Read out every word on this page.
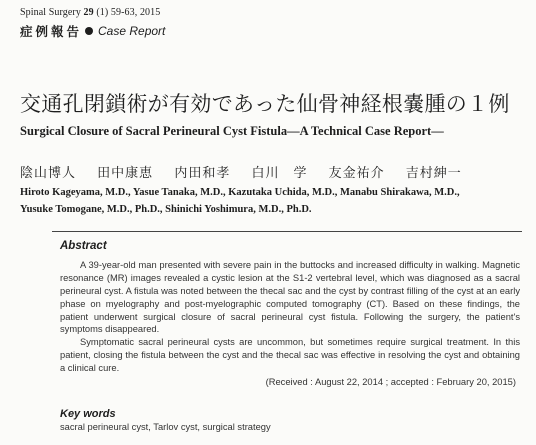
Spinal Surgery 29 (1) 59-63, 2015
症例報告 Case Report
交通孔閉鎖術が有効であった仙骨神経根嚢腫の１例
Surgical Closure of Sacral Perineural Cyst Fistula―A Technical Case Report―
陰山博人 田中康恵 内田和孝 白川　学 友金祐介 吉村紳一
Hiroto Kageyama, M.D., Yasue Tanaka, M.D., Kazutaka Uchida, M.D., Manabu Shirakawa, M.D.,
Yusuke Tomogane, M.D., Ph.D., Shinichi Yoshimura, M.D., Ph.D.
Abstract

A 39-year-old man presented with severe pain in the buttocks and increased difficulty in walking. Magnetic resonance (MR) images revealed a cystic lesion at the S1-2 vertebral level, which was diagnosed as a sacral perineural cyst. A fistula was noted between the thecal sac and the cyst by contrast filling of the cyst at an early phase on myelography and post-myelographic computed tomography (CT). Based on these findings, the patient underwent surgical closure of sacral perineural cyst fistula. Following the surgery, the patient's symptoms disappeared.

Symptomatic sacral perineural cysts are uncommon, but sometimes require surgical treatment. In this patient, closing the fistula between the cyst and the thecal sac was effective in resolving the cyst and obtaining a clinical cure.

(Received : August 22, 2014 ; accepted : February 20, 2015)
Key words
sacral perineural cyst, Tarlov cyst, surgical strategy
